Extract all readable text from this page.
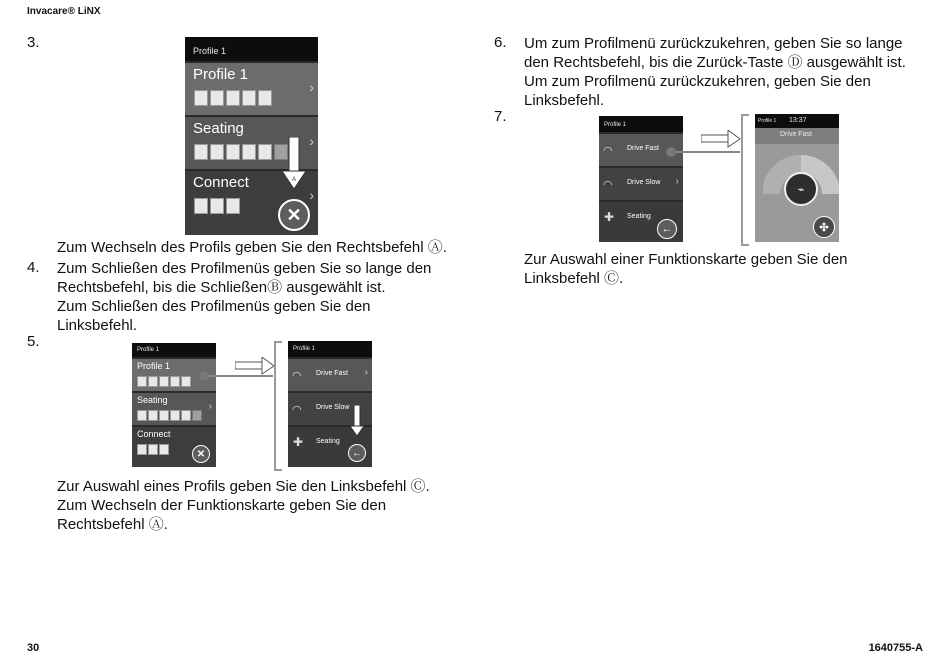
Invacare® LiNX
30	1640755-A
3.	Profile 1
Profile 1
›
Seating
›
Connect
›
A
✕
Zum Wechseln des Profils geben Sie den Rechtsbefehl Ⓐ.
4. Zum Schließen des Profilmenüs geben Sie so lange den
Rechtsbefehl, bis die SchließenⒷ ausgewählt ist.
Zum Schließen des Profilmenüs geben Sie den
Linksbefehl.
5.	Profile 1
Profile 1
Seating
›
Connect
✕
Profile 1
◠ Drive Fast ›
◠ Drive Slow
✚ Seating
←
Zur Auswahl eines Profils geben Sie den Linksbefehl Ⓒ.
Zum Wechseln der Funktionskarte geben Sie den
Rechtsbefehl Ⓐ.
6. Um zum Profilmenü zurückzukehren, geben Sie so lange
den Rechtsbefehl, bis die Zurück-Taste Ⓓ ausgewählt ist.
Um zum Profilmenü zurückzukehren, geben Sie den
Linksbefehl.
7.	Profile 1
◠ Drive Fast
◠ Drive Slow ›
✚ Seating
←
Profile 1 13:37
Drive Fast
⌁
✣
Zur Auswahl einer Funktionskarte geben Sie den
Linksbefehl Ⓒ.
